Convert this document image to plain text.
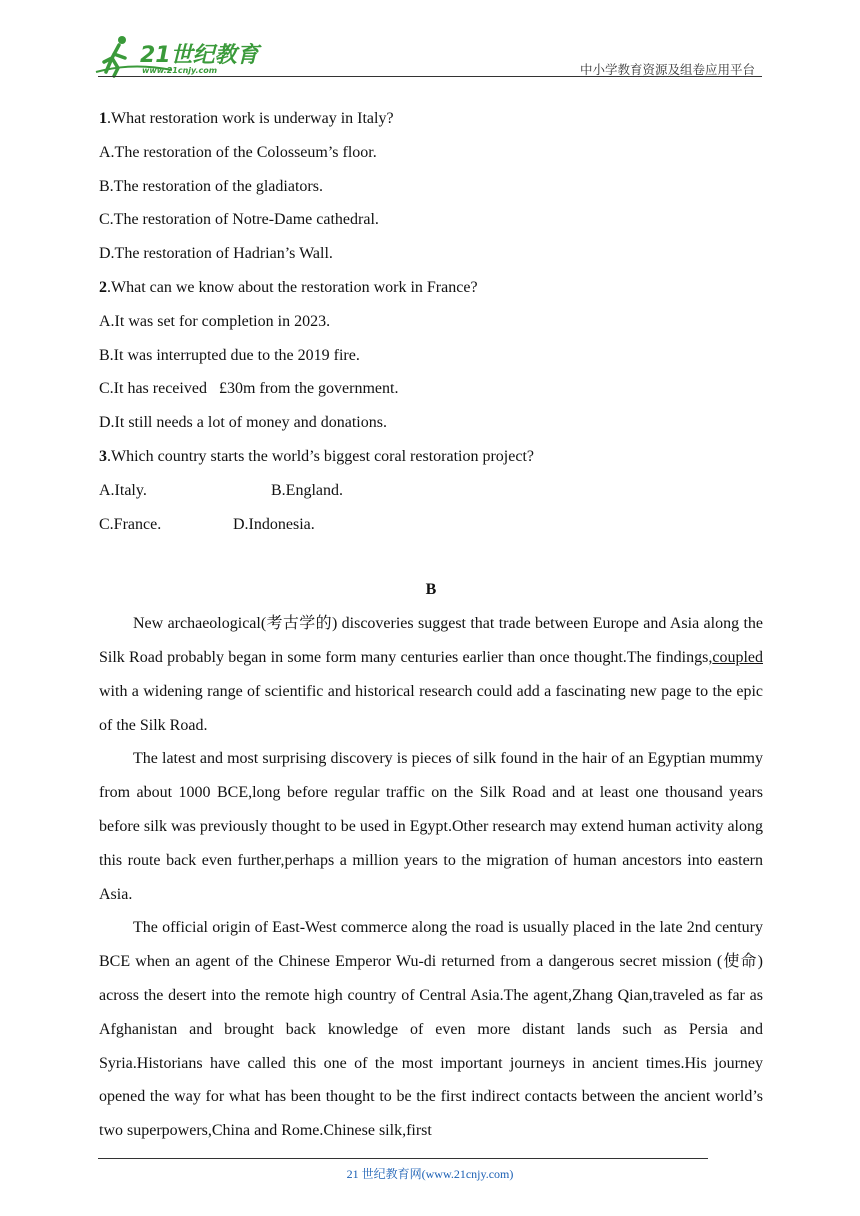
21世纪教育
www.21cnjy.com	中小学教育资源及组卷应用平台
1.What restoration work is underway in Italy?
A.The restoration of the Colosseum’s floor.
B.The restoration of the gladiators.
C.The restoration of Notre-Dame cathedral.
D.The restoration of Hadrian’s Wall.
2.What can we know about the restoration work in France?
A.It was set for completion in 2023.
B.It was interrupted due to the 2019 fire.
C.It has received   £30m from the government.
D.It still needs a lot of money and donations.
3.Which country starts the world’s biggest coral restoration project?
A.Italy.	B.England.
C.France.	D.Indonesia.
B

New archaeological(考古学的) discoveries suggest that trade between Europe and Asia along the Silk Road probably began in some form many centuries earlier than once thought.The findings,coupled with a widening range of scientific and historical research could add a fascinating new page to the epic of the Silk Road.

The latest and most surprising discovery is pieces of silk found in the hair of an Egyptian mummy from about 1000 BCE,long before regular traffic on the Silk Road and at least one thousand years before silk was previously thought to be used in Egypt.Other research may extend human activity along this route back even further,perhaps a million years to the migration of human ancestors into eastern Asia.

The official origin of East-West commerce along the road is usually placed in the late 2nd century BCE when an agent of the Chinese Emperor Wu-di returned from a dangerous secret mission (使命) across the desert into the remote high country of Central Asia.The agent,Zhang Qian,traveled as far as Afghanistan and brought back knowledge of even more distant lands such as Persia and Syria.Historians have called this one of the most important journeys in ancient times.His journey opened the way for what has been thought to be the first indirect contacts between the ancient world’s two superpowers,China and Rome.Chinese silk,first

21 世纪教育网(www.21cnjy.com)
